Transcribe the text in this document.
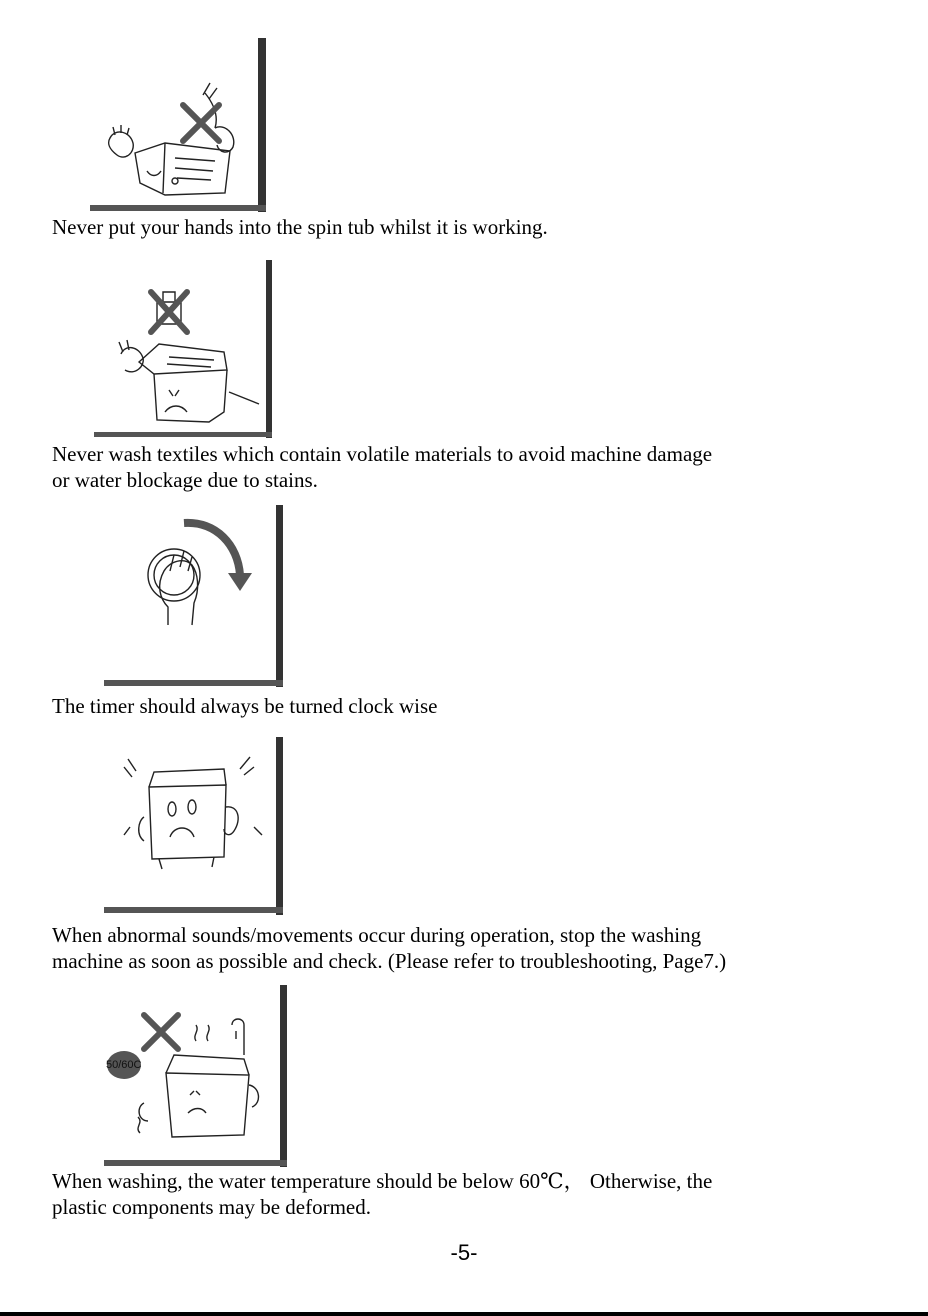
Never put your hands into the spin tub whilst it is working.

Never wash textiles which contain volatile materials to avoid machine damage

or water blockage due to stains.

The timer should always be turned clock wise

When abnormal sounds/movements occur during operation, stop the washing

machine as soon as possible and check. (Please refer to troubleshooting, Page7.)

50/60C

When washing, the water temperature should be below 60℃， Otherwise, the

plastic components may be deformed.

-5-
